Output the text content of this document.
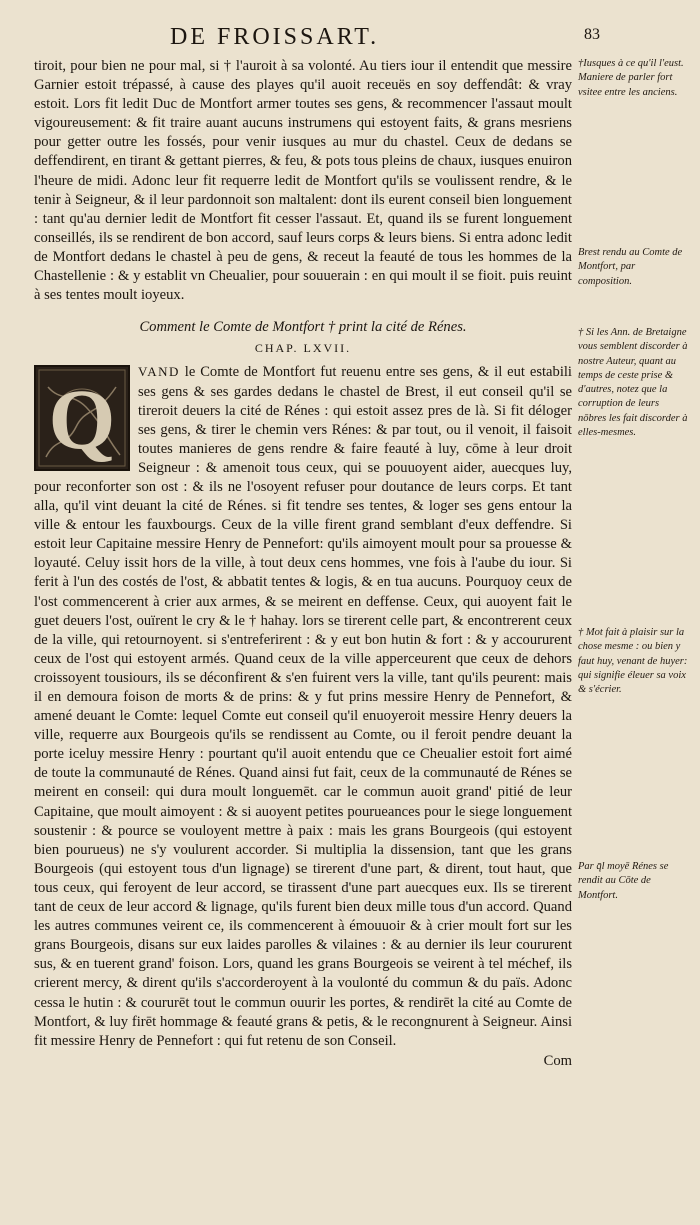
DE FROISSART.	83

tiroit, pour bien ne pour mal, si † l'auroit à sa volonté. Au tiers iour il entendit que messire Garnier estoit trépassé, à cause des playes qu'il auoit receuës en soy deffendât: & vray estoit. Lors fit ledit Duc de Montfort armer toutes ses gens, & recommencer l'assaut moult vigoureusement: & fit traire auant aucuns instrumens qui estoyent faits, & grans mesriens pour getter outre les fossés, pour venir iusques au mur du chastel. Ceux de dedans se deffendirent, en tirant & gettant pierres, & feu, & pots tous pleins de chaux, iusques enuiron l'heure de midi. Adonc leur fit requerre ledit de Montfort qu'ils se voulissent rendre, & le tenir à Seigneur, & il leur pardonnoit son maltalent: dont ils eurent conseil bien longuement : tant qu'au dernier ledit de Montfort fit cesser l'assaut. Et, quand ils se furent longuement conseillés, ils se rendirent de bon accord, sauf leurs corps & leurs biens. Si entra adonc ledit de Montfort dedans le chastel à peu de gens, & receut la feauté de tous les hommes de la Chastellenie : & y establit vn Cheualier, pour souuerain : en qui moult il se fioit. puis reuint à ses tentes moult ioyeux.

Comment le Comte de Montfort † print la cité de Rénes.
CHAP. LXVII.
Q	VAND le Comte de Montfort fut reuenu entre ses gens, & il eut estabili ses gens & ses gardes dedans le chastel de Brest, il eut conseil qu'il se tireroit deuers la cité de Rénes : qui estoit assez pres de là. Si fit déloger ses gens, & tirer le chemin vers Rénes: & par tout, ou il venoit, il faisoit toutes manieres de gens rendre & faire feauté à luy, cōme à leur droit Seigneur : & amenoit tous ceux, qui se pouuoyent aider, auecques luy, pour reconforter son ost : & ils ne l'osoyent refuser pour doutance de leurs corps. Et tant alla, qu'il vint deuant la cité de Rénes. si fit tendre ses tentes, & loger ses gens entour la ville & entour les fauxbourgs. Ceux de la ville firent grand semblant d'eux deffendre. Si estoit leur Capitaine messire Henry de Pennefort: qu'ils aimoyent moult pour sa prouesse & loyauté. Celuy issit hors de la ville, à tout deux cens hommes, vne fois à l'aube du iour. Si ferit à l'un des costés de l'ost, & abbatit tentes & logis, & en tua aucuns. Pourquoy ceux de l'ost commencerent à crier aux armes, & se meirent en deffense. Ceux, qui auoyent fait le guet deuers l'ost, ouïrent le cry & le † hahay. lors se tirerent celle part, & encontrerent ceux de la ville, qui retournoyent. si s'entreferirent : & y eut bon hutin & fort : & y accoururent ceux de l'ost qui estoyent armés. Quand ceux de la ville apperceurent que ceux de dehors croissoyent tousiours, ils se déconfirent & s'en fuirent vers la ville, tant qu'ils peurent: mais il en demoura foison de morts & de prins: & y fut prins messire Henry de Pennefort, & amené deuant le Comte: lequel Comte eut conseil qu'il enuoyeroit messire Henry deuers la ville, requerre aux Bourgeois qu'ils se rendissent au Comte, ou il feroit pendre deuant la porte iceluy messire Henry : pourtant qu'il auoit entendu que ce Cheualier estoit fort aimé de toute la communauté de Rénes. Quand ainsi fut fait, ceux de la communauté de Rénes se meirent en conseil: qui dura moult longuemēt. car le commun auoit grand' pitié de leur Capitaine, que moult aimoyent : & si auoyent petites pourueances pour le siege longuement soustenir : & pource se vouloyent mettre à paix : mais les grans Bourgeois (qui estoyent bien pourueus) ne s'y voulurent accorder. Si multiplia la dissension, tant que les grans Bourgeois (qui estoyent tous d'un lignage) se tirerent d'une part, & dirent, tout haut, que tous ceux, qui feroyent de leur accord, se tirassent d'une part auecques eux. Ils se tirerent tant de ceux de leur accord & lignage, qu'ils furent bien deux mille tous d'un accord. Quand les autres communes veirent ce, ils commencerent à émouuoir & à crier moult fort sur les grans Bourgeois, disans sur eux laides parolles & vilaines : & au dernier ils leur coururent sus, & en tuerent grand' foison. Lors, quand les grans Bourgeois se veirent à tel méchef, ils crierent mercy, & dirent qu'ils s'accorderoyent à la voulonté du commun & du païs. Adonc cessa le hutin : & coururēt tout le commun ouurir les portes, & rendirēt la cité au Comte de Montfort, & luy firēt hommage & feauté grans & petis, & le recongnurent à Seigneur. Ainsi fit messire Henry de Pennefort : qui fut retenu de son Conseil.

Com
†Iusques à ce qu'il l'eust. Maniere de parler fort vsitee entre les anciens.
Brest rendu au Comte de Montfort, par composition.
† Si les Ann. de Bretaigne vous semblent discorder à nostre Auteur, quant au temps de ceste prise & d'autres, notez que la corruption de leurs nōbres les fait discorder à elles-mesmes.
† Mot fait à plaisir sur la chose mesme : ou bien y faut huy, venant de huyer: qui signifie éleuer sa voix & s'écrier.
Par q̄l moyē Rénes se rendit au Cōte de Montfort.
